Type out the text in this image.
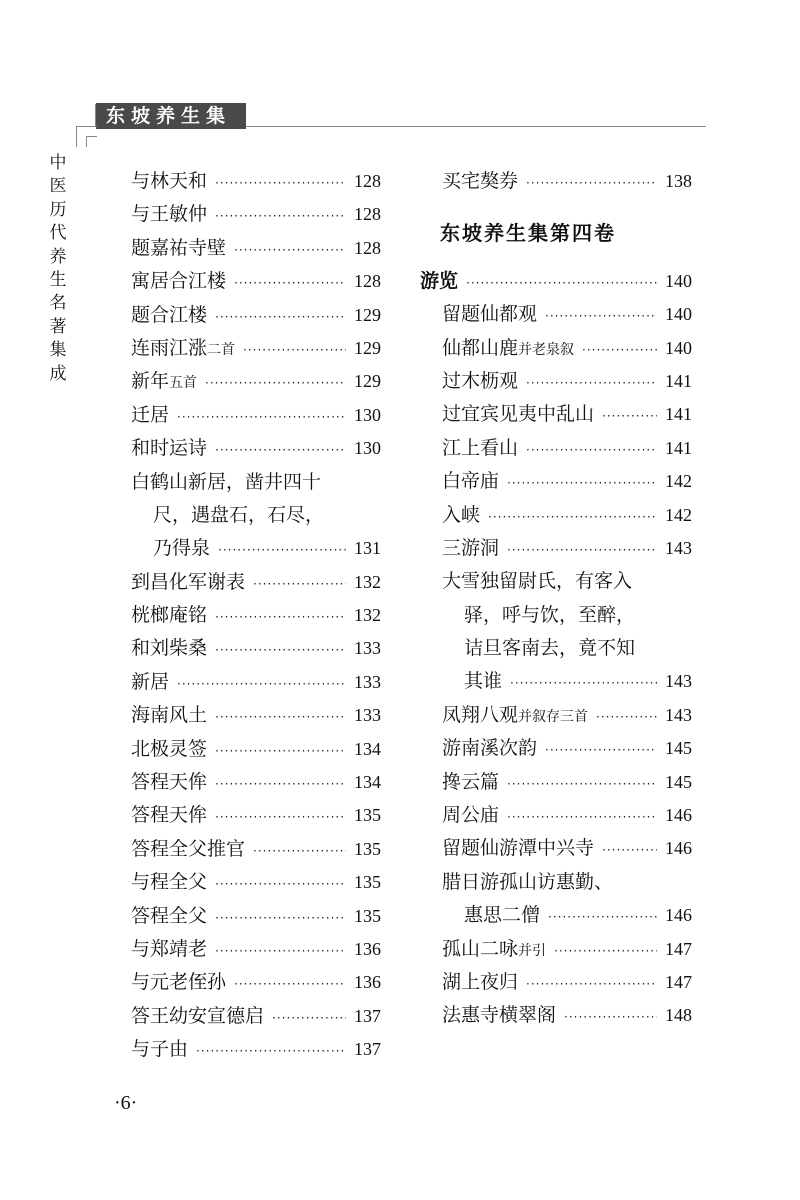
东坡养生集
中
医
历
代
养
生
名
著
集
成
与林天和 ·····	128
与王敏仲 ·····	128
题嘉祐寺壁 ·····	128
寓居合江楼 ·····	128
题合江楼 ·····	129
连雨江涨二首 ·····	129
新年五首 ·····	129
迁居 ·····	130
和时运诗 ·····	130
白鹤山新居，凿井四十
尺，遇盘石，石尽，
乃得泉 ·····	131
到昌化军谢表 ·····	132
桄榔庵铭 ·····	132
和刘柴桑 ·····	133
新居 ·····	133
海南风土 ·····	133
北极灵签 ·····	134
答程天侔 ·····	134
答程天侔 ·····	135
答程全父推官 ·····	135
与程全父 ·····	135
答程全父 ·····	135
与郑靖老 ·····	136
与元老侄孙 ·····	136
答王幼安宣德启 ·····	137
与子由 ·····	137
买宅獒券 ·····	138
东坡养生集第四卷
游览 ·····	140
留题仙都观 ·····	140
仙都山鹿并老泉叙 ·····	140
过木枥观 ·····	141
过宜宾见夷中乱山 ·····	141
江上看山 ·····	141
白帝庙 ·····	142
入峡 ·····	142
三游洞 ·····	143
大雪独留尉氏，有客入
驿，呼与饮，至醉，
诘旦客南去，竟不知
其谁 ·····	143
凤翔八观并叙存三首 ·····	143
游南溪次韵 ·····	145
搀云篇 ·····	145
周公庙 ·····	146
留题仙游潭中兴寺 ·····	146
腊日游孤山访惠勤、
惠思二僧 ·····	146
孤山二咏并引 ·····	147
湖上夜归 ·····	147
法惠寺横翠阁 ·····	148
·6·
